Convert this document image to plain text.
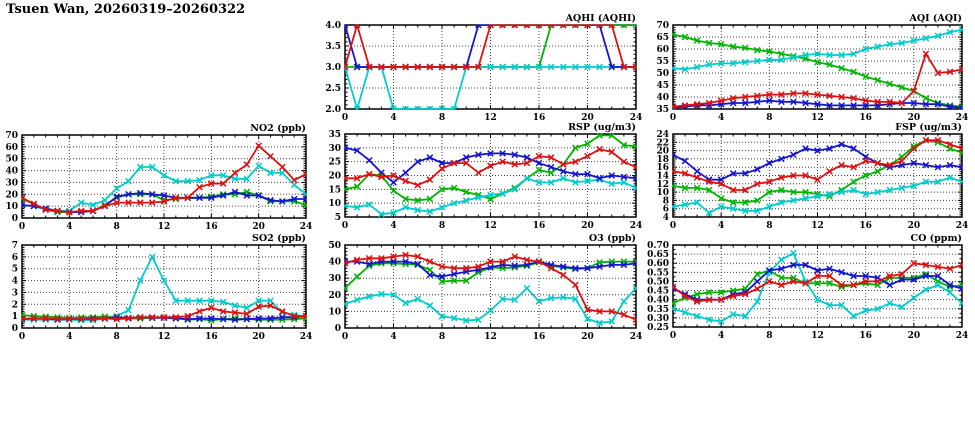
Tsuen Wan, 20260319–20260322
2.0
2.5
3.0
3.5
4.0
0	4	8	12	16	20	24
AQHI (AQHI)
35
40
45
50
55
60
65
70
0	4	8	12	16	20	24
AQI (AQI)
0
10
20
30
40
50
60
70
0	4	8	12	16	20	24
NO2 (ppb)
5
10
15
20
25
30
35
0	4	8	12	16	20	24
RSP (ug/m3)
4
6
8
10
12
14
16
18
20
22
24
0	4	8	12	16	20	24
FSP (ug/m3)
0
1
2
3
4
5
6
7
0	4	8	12	16	20	24
SO2 (ppb)
0
10
20
30
40
50
0	4	8	12	16	20	24
O3 (ppb)
0.25
0.30
0.35
0.40
0.45
0.50
0.55
0.60
0.65
0.70
0	4	8	12	16	20	24
CO (ppm)
